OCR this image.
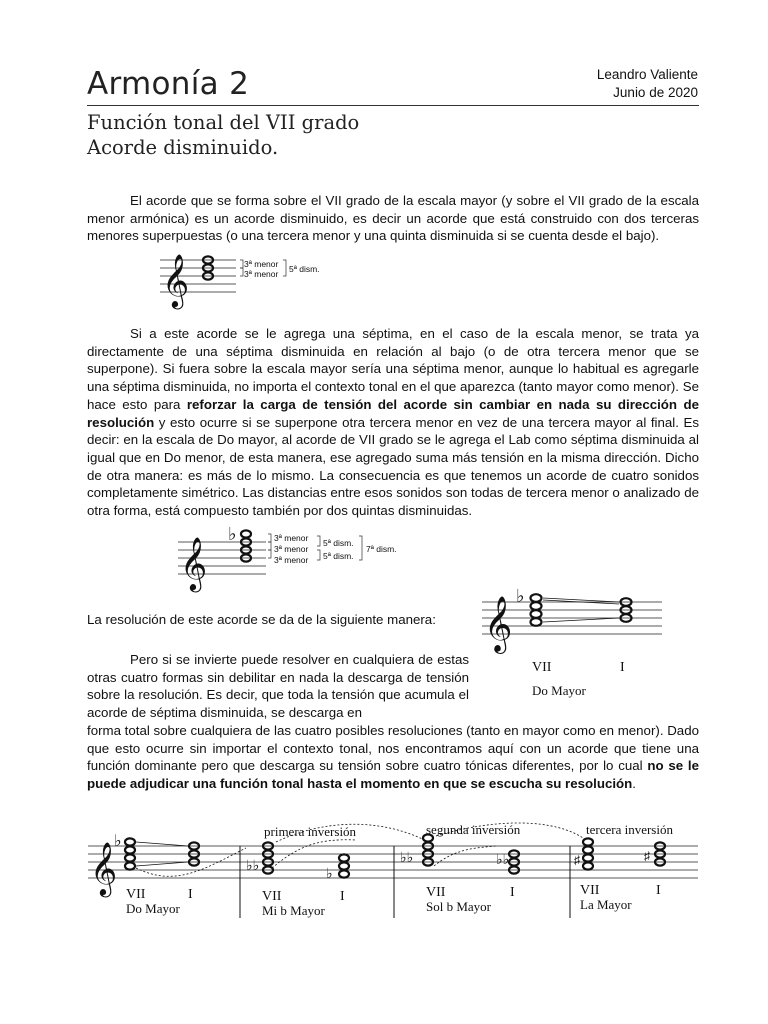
Armonía 2	Leandro Valiente
Junio de 2020
Función tonal del VII grado
Acorde disminuido.
El acorde que se forma sobre el VII grado de la escala mayor (y sobre el VII grado de la escala menor armónica) es un acorde disminuido, es decir un acorde que está construido con dos terceras menores superpuestas (o una tercera menor y una quinta disminuida si se cuenta desde el bajo).
𝄞	3ª menor
3ª menor 5ª dism.
Si a este acorde se le agrega una séptima, en el caso de la escala menor, se trata ya directamente de una séptima disminuida en relación al bajo (o de otra tercera menor que se superpone). Si fuera sobre la escala mayor sería una séptima menor, aunque lo habitual es agregarle una séptima disminuida, no importa el contexto tonal en el que aparezca (tanto mayor como menor). Se hace esto para reforzar la carga de tensión del acorde sin cambiar en nada su dirección de resolución y esto ocurre si se superpone otra tercera menor en vez de una tercera mayor al final. Es decir: en la escala de Do mayor, al acorde de VII grado se le agrega el Lab como séptima disminuida al igual que en Do menor, de esta manera, ese agregado suma más tensión en la misma dirección. Dicho de otra manera: es más de lo mismo. La consecuencia es que tenemos un acorde de cuatro sonidos completamente simétrico. Las distancias entre esos sonidos son todas de tercera menor o analizado de otra forma, está compuesto también por dos quintas disminuidas.
𝄞
♭	3ª menor
3ª menor
3ª menor
5ª dism.
5ª dism.
7ª dism.
La resolución de este acorde se da de la siguiente manera:	𝄞
♭
VII	I
Do Mayor
Pero si se invierte puede resolver en cualquiera de estas otras cuatro formas sin debilitar en nada la descarga de tensión sobre la resolución. Es decir, que toda la tensión que acumula el acorde de séptima disminuida, se descarga en
forma total sobre cualquiera de las cuatro posibles resoluciones (tanto en mayor como en menor). Dado que esto ocurre sin importar el contexto tonal, nos encontramos aquí con un acorde que tiene una función dominante pero que descarga su tensión sobre cuatro tónicas diferentes, por lo cual no se le puede adjudicar una función tonal hasta el momento en que se escucha su resolución.
𝄞
♭
♭♭
♭
♭♭	♭♭	♯	♯
primera inversión	segunda inversión	tercera inversión
VII	I
Do Mayor
VII	I
Mi b Mayor
VII	I
Sol b Mayor
VII	I
La Mayor
